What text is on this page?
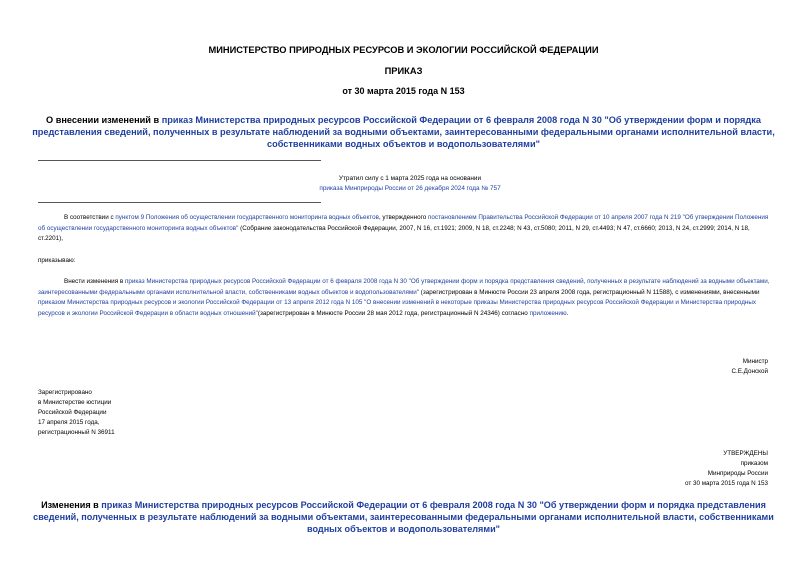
МИНИСТЕРСТВО ПРИРОДНЫХ РЕСУРСОВ И ЭКОЛОГИИ РОССИЙСКОЙ ФЕДЕРАЦИИ
ПРИКАЗ
от 30 марта 2015 года N 153
О внесении изменений в приказ Министерства природных ресурсов Российской Федерации от 6 февраля 2008 года N 30 "Об утверждении форм и порядка представления сведений, полученных в результате наблюдений за водными объектами, заинтересованными федеральными органами исполнительной власти, собственниками водных объектов и водопользователями"
Утратил силу с 1 марта 2025 года на основании
приказа Минприроды России от 26 декабря 2024 года № 757
В соответствии с пунктом 9 Положения об осуществлении государственного мониторинга водных объектов, утвержденного постановлением Правительства Российской Федерации от 10 апреля 2007 года N 219 "Об утверждении Положения об осуществлении государственного мониторинга водных объектов" (Собрание законодательства Российской Федерации, 2007, N 16, ст.1921; 2009, N 18, ст.2248; N 43, ст.5080; 2011, N 29, ст.4493; N 47, ст.6660; 2013, N 24, ст.2999; 2014, N 18, ст.2201),
приказываю:
Внести изменения в приказ Министерства природных ресурсов Российской Федерации от 6 февраля 2008 года N 30 "Об утверждении форм и порядка представления сведений, полученных в результате наблюдений за водными объектами, заинтересованными федеральными органами исполнительной власти, собственниками водных объектов и водопользователями" (зарегистрирован в Минюсте России 23 апреля 2008 года, регистрационный N 11588), с изменениями, внесенными приказом Министерства природных ресурсов и экологии Российской Федерации от 13 апреля 2012 года N 105 "О внесении изменений в некоторые приказы Министерства природных ресурсов Российской Федерации и Министерства природных ресурсов и экологии Российской Федерации в области водных отношений"(зарегистрирован в Минюсте России 28 мая 2012 года, регистрационный N 24346) согласно приложению.
Министр
С.Е.Донской
Зарегистрировано
в Министерстве юстиции
Российской Федерации
17 апреля 2015 года,
регистрационный N 36911
УТВЕРЖДЕНЫ
приказом
Минприроды России
от 30 марта 2015 года N 153
Изменения в приказ Министерства природных ресурсов Российской Федерации от 6 февраля 2008 года N 30 "Об утверждении форм и порядка представления сведений, полученных в результате наблюдений за водными объектами, заинтересованными федеральными органами исполнительной власти, собственниками водных объектов и водопользователями"
